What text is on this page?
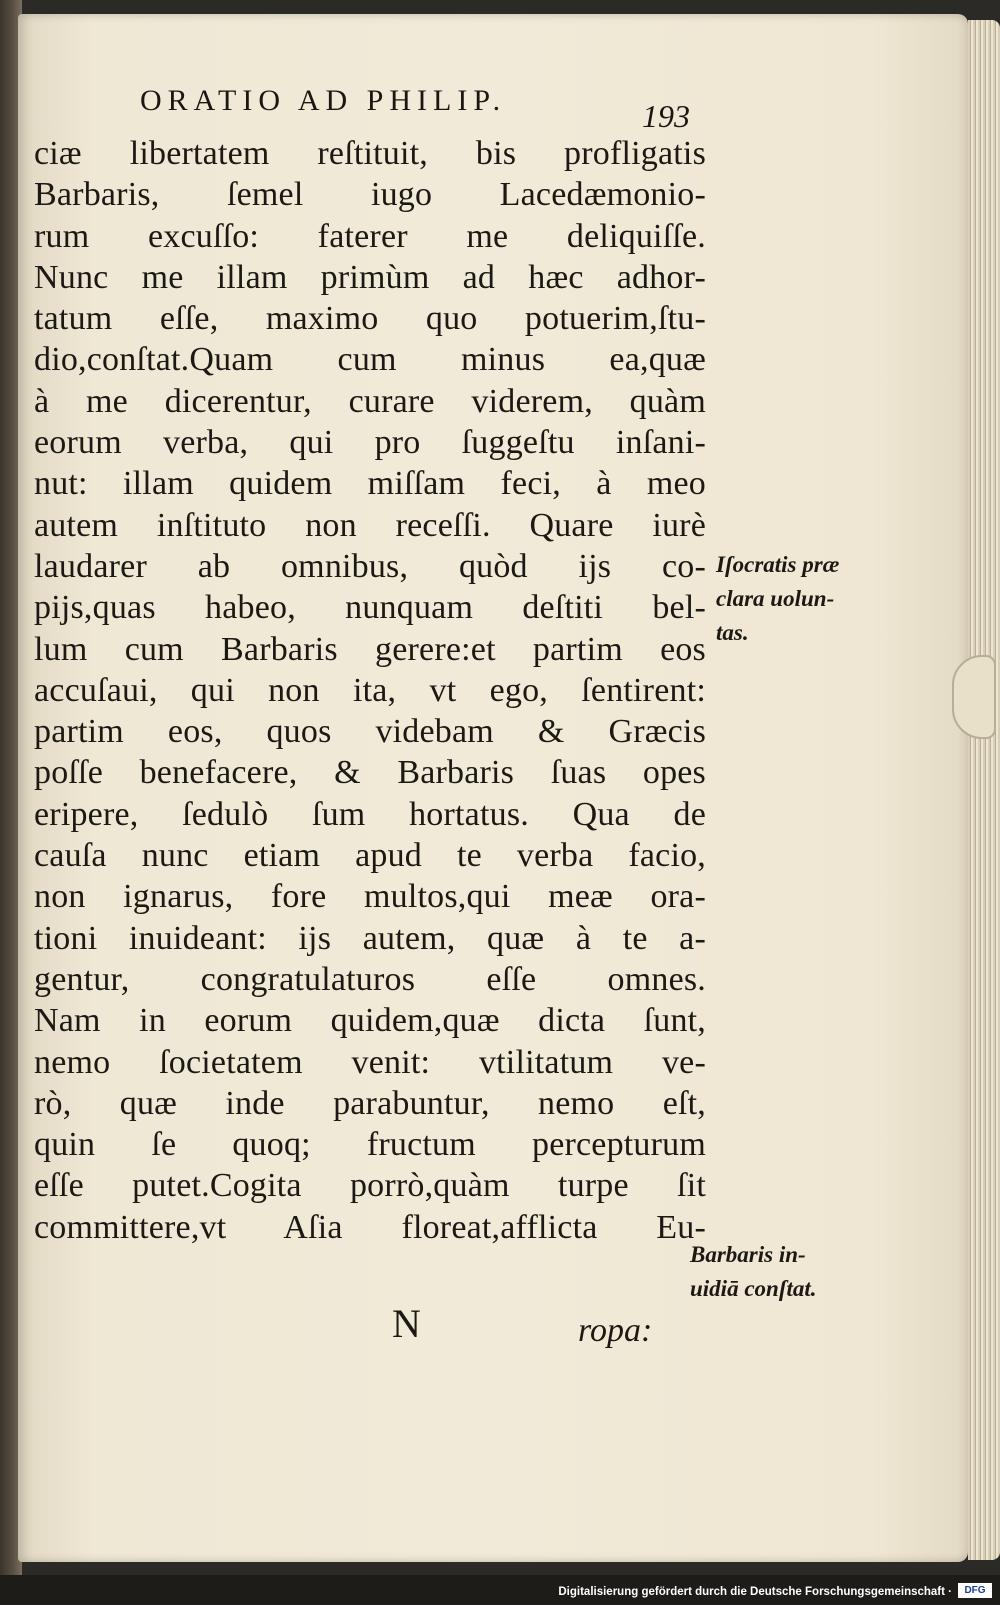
ORATIO AD PHILIP.	193
ciæ libertatem reſtituit, bis profligatis
Barbaris, ſemel iugo Lacedæmonio-
rum excuſſo: faterer me deliquiſſe.
Nunc me illam primùm ad hæc adhor-
tatum eſſe, maximo quo potuerim,ſtu-
dio,conſtat.Quam cum minus ea,quæ
à me dicerentur, curare viderem, quàm
eorum verba, qui pro ſuggeſtu inſani-
nut: illam quidem miſſam feci, à meo
autem inſtituto non receſſi. Quare iurè
laudarer ab omnibus, quòd ijs co-
pijs,quas habeo, nunquam deſtiti bel-
lum cum Barbaris gerere:et partim eos
accuſaui, qui non ita, vt ego, ſentirent:
partim eos, quos videbam & Græcis
poſſe benefacere, & Barbaris ſuas opes
eripere, ſedulò ſum hortatus. Qua de
cauſa nunc etiam apud te verba facio,
non ignarus, fore multos,qui meæ ora-
tioni inuideant: ijs autem, quæ à te a-
gentur, congratulaturos eſſe omnes.
Nam in eorum quidem,quæ dicta ſunt,
nemo ſocietatem venit: vtilitatum ve-
rò, quæ inde parabuntur, nemo eſt,
quin ſe quoq; fructum percepturum
eſſe putet.Cogita porrò,quàm turpe ſit
committere,vt Aſia floreat,afflicta Eu-
Iſocratis præ
clara uolun-
tas.
Barbaris in-
uidiā conſtat.
N	ropa:
Digitalisierung gefördert durch die Deutsche Forschungsgemeinschaft ·	DFG
